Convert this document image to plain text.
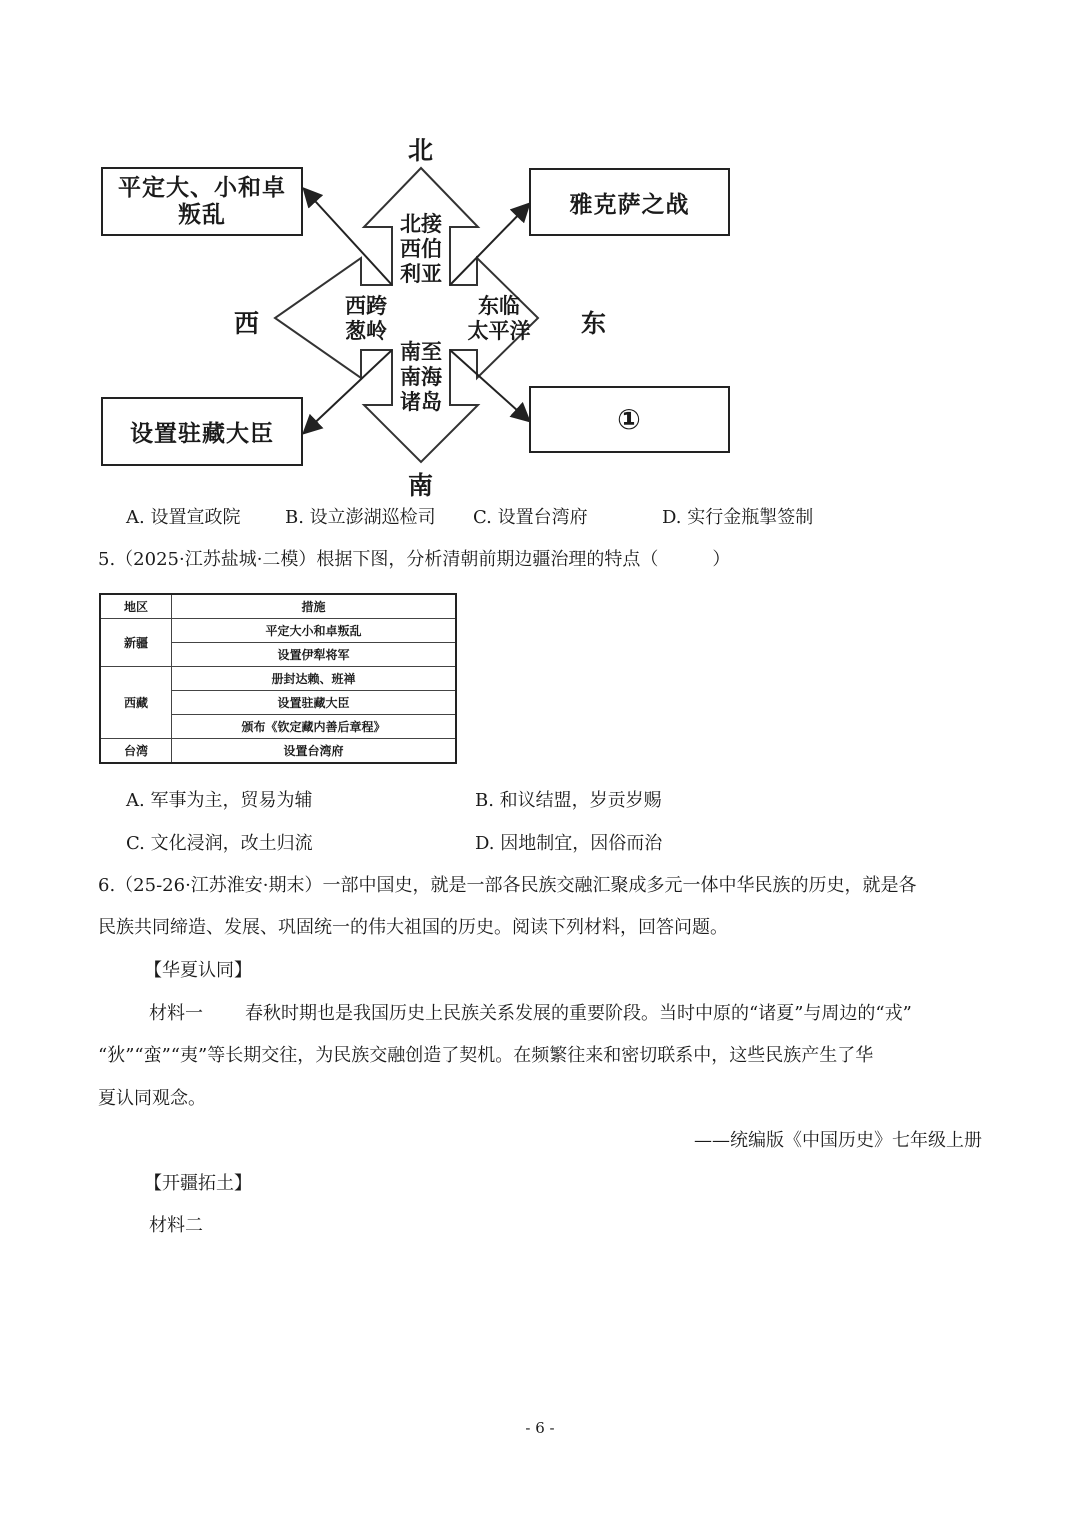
北
南
西	东
北接
西伯
利亚
西跨
葱岭
东临
太平洋
南至
南海
诸岛
平定大、小和卓
叛乱	雅克萨之战
设置驻藏大臣	①
A. 设置宣政院 B. 设立澎湖巡检司 C. 设置台湾府	D. 实行金瓶掣签制
5.（2025·江苏盐城·二模）根据下图，分析清朝前期边疆治理的特点（　　　）
地区	措施
新疆	平定大小和卓叛乱
	设置伊犁将军
西藏	册封达赖、班禅
	设置驻藏大臣
	颁布《钦定藏内善后章程》
台湾	设置台湾府
A. 军事为主，贸易为辅	B. 和议结盟，岁贡岁赐
C. 文化浸润，改土归流	D. 因地制宜，因俗而治
6.（25-26·江苏淮安·期末）一部中国史，就是一部各民族交融汇聚成多元一体中华民族的历史，就是各
民族共同缔造、发展、巩固统一的伟大祖国的历史。阅读下列材料，回答问题。
【华夏认同】
材料一 春秋时期也是我国历史上民族关系发展的重要阶段。当时中原的“诸夏”与周边的“戎”
“狄”“蛮”“夷”等长期交往，为民族交融创造了契机。在频繁往来和密切联系中，这些民族产生了华
夏认同观念。
——统编版《中国历史》七年级上册
【开疆拓土】
材料二
- 6 -
